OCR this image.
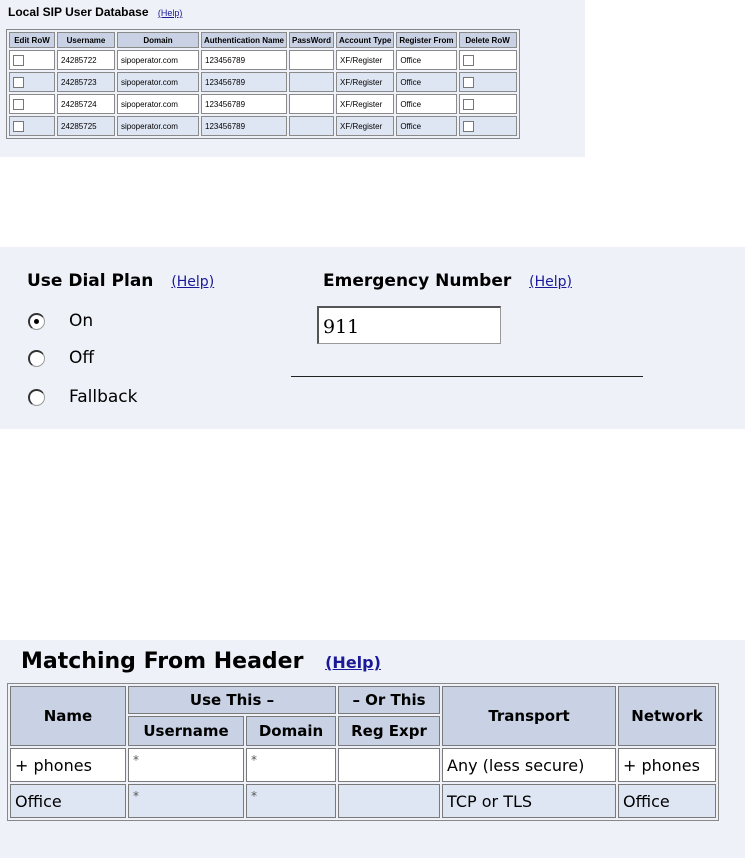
Local SIP User Database (Help)
Edit RoW	Username	Domain	Authentication Name	PassWord	Account Type	Register From	Delete RoW
	24285722	sipoperator.com	123456789		XF/Register	Office	
	24285723	sipoperator.com	123456789		XF/Register	Office	
	24285724	sipoperator.com	123456789		XF/Register	Office	
	24285725	sipoperator.com	123456789		XF/Register	Office	
Use Dial Plan (Help)
On
Off
Fallback
Emergency Number (Help)
911
Matching From Header (Help)
Name	Use This –		– Or This	Transport	Network
	Username	Domain	Reg Expr		
+ phones	*	*		Any (less secure)	+ phones
Office	*	*		TCP or TLS	Office
